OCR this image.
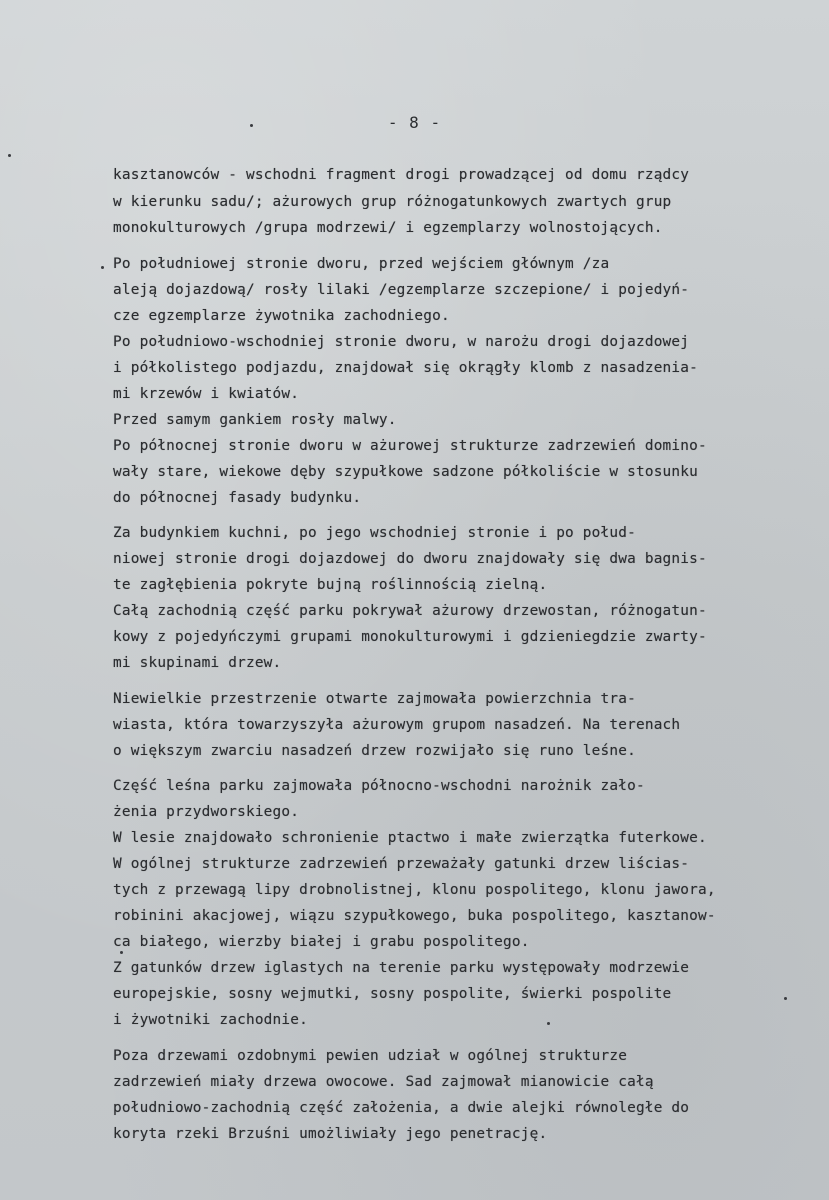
- 8 -
kasztanowców - wschodni fragment drogi prowadzącej od domu rządcy
w kierunku sadu/; ażurowych grup różnogatunkowych zwartych grup
monokulturowych /grupa modrzewi/ i egzemplarzy wolnostojących.
Po południowej stronie dworu, przed wejściem głównym /za
aleją dojazdową/ rosły lilaki /egzemplarze szczepione/ i pojedyń-
cze egzemplarze żywotnika zachodniego.
Po południowo-wschodniej stronie dworu, w narożu drogi dojazdowej
i półkolistego podjazdu, znajdował się okrągły klomb z nasadzenia-
mi krzewów i kwiatów.
Przed samym gankiem rosły malwy.
Po północnej stronie dworu w ażurowej strukturze zadrzewień domino-
wały stare, wiekowe dęby szypułkowe sadzone półkoliście w stosunku
do północnej fasady budynku.
Za budynkiem kuchni, po jego wschodniej stronie i po połud-
niowej stronie drogi dojazdowej do dworu znajdowały się dwa bagnis-
te zagłębienia pokryte bujną roślinnością zielną.
Całą zachodnią część parku pokrywał ażurowy drzewostan, różnogatun-
kowy z pojedyńczymi grupami monokulturowymi i gdzieniegdzie zwarty-
mi skupinami drzew.
Niewielkie przestrzenie otwarte zajmowała powierzchnia tra-
wiasta, która towarzyszyła ażurowym grupom nasadzeń. Na terenach
o większym zwarciu nasadzeń drzew rozwijało się runo leśne.
Część leśna parku zajmowała północno-wschodni narożnik zało-
żenia przydworskiego.
W lesie znajdowało schronienie ptactwo i małe zwierzątka futerkowe.
W ogólnej strukturze zadrzewień przeważały gatunki drzew liścias-
tych z przewagą lipy drobnolistnej, klonu pospolitego, klonu jawora,
robinini akacjowej, wiązu szypułkowego, buka pospolitego, kasztanow-
ca białego, wierzby białej i grabu pospolitego.
Z gatunków drzew iglastych na terenie parku występowały modrzewie
europejskie, sosny wejmutki, sosny pospolite, świerki pospolite
i żywotniki zachodnie.
Poza drzewami ozdobnymi pewien udział w ogólnej strukturze
zadrzewień miały drzewa owocowe. Sad zajmował mianowicie całą
południowo-zachodnią część założenia, a dwie alejki równoległe do
koryta rzeki Brzuśni umożliwiały jego penetrację.
